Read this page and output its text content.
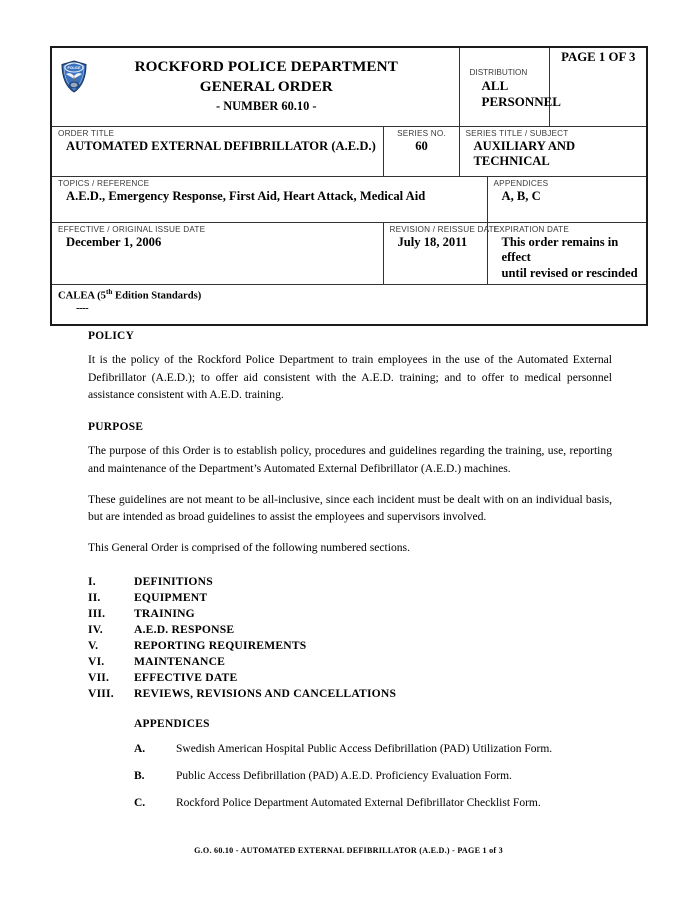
POLICE	ROCKFORD POLICE DEPARTMENT
GENERAL ORDER
- NUMBER 60.10 -

DISTRIBUTION
ALL PERSONNEL
	PAGE 1 OF 3

ORDER TITLE
AUTOMATED EXTERNAL DEFIBRILLATOR (A.E.D.)

SERIES NO.
60

SERIES TITLE / SUBJECT
AUXILIARY AND TECHNICAL

TOPICS / REFERENCE
A.E.D., Emergency Response, First Aid, Heart Attack, Medical Aid

APPENDICES
A, B, C

EFFECTIVE / ORIGINAL ISSUE DATE
December 1, 2006

REVISION / REISSUE DATE
July 18, 2011

EXPIRATION DATE
This order remains in effect
until revised or rescinded

CALEA (5th Edition Standards)
----				
POLICY

It is the policy of the Rockford Police Department to train employees in the use of the Automated External Defibrillator (A.E.D.); to offer aid consistent with the A.E.D. training; and to offer to medical personnel assistance consistent with A.E.D. training.

PURPOSE

The purpose of this Order is to establish policy, procedures and guidelines regarding the training, use, reporting and maintenance of the Department’s Automated External Defibrillator (A.E.D.) machines.

These guidelines are not meant to be all-inclusive, since each incident must be dealt with on an individual basis, but are intended as broad guidelines to assist the employees and supervisors involved.

This General Order is comprised of the following numbered sections.

I.	DEFINITIONS
II.	EQUIPMENT
III.	TRAINING
IV.	A.E.D. RESPONSE
V.	REPORTING REQUIREMENTS
VI.	MAINTENANCE
VII.	EFFECTIVE DATE
VIII.	REVIEWS, REVISIONS AND CANCELLATIONS
APPENDICES
A.	Swedish American Hospital Public Access Defibrillation (PAD) Utilization Form.
B.	Public Access Defibrillation (PAD) A.E.D. Proficiency Evaluation Form.
C.	Rockford Police Department Automated External Defibrillator Checklist Form.
G.O. 60.10 - AUTOMATED EXTERNAL DEFIBRILLATOR (A.E.D.) - PAGE 1 of 3
